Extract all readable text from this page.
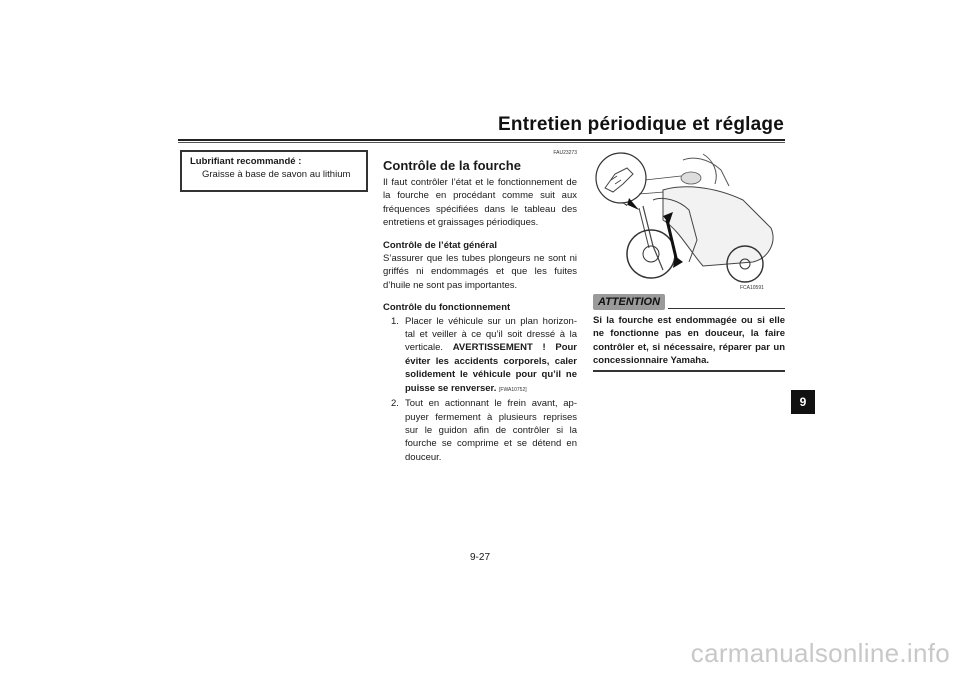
Entretien périodique et réglage
Lubrifiant recommandé :
Graisse à base de savon au lithium
FAU23273
Contrôle de la fourche

Il faut contrôler l’état et le fonctionnement de la fourche en procédant comme suit aux fréquences spécifiées dans le tableau des entretiens et graissages périodiques.

Contrôle de l’état général

S’assurer que les tubes plongeurs ne sont ni griffés ni endommagés et que les fuites d’huile ne sont pas importantes.

Contrôle du fonctionnement
1. Placer le véhicule sur un plan horizon- tal et veiller à ce qu’il soit dressé à la verticale. AVERTISSEMENT ! Pour éviter les accidents corporels, caler solidement le véhicule pour qu’il ne puisse se renverser. [FWA10752]
2. Tout en actionnant le frein avant, ap- puyer fermement à plusieurs reprises sur le guidon afin de contrôler si la fourche se comprime et se détend en douceur.
FCA10591
ATTENTION
Si la fourche est endommagée ou si elle ne fonctionne pas en douceur, la faire contrôler et, si nécessaire, réparer par un concessionnaire Yamaha.
9
9-27
carmanualsonline.info
